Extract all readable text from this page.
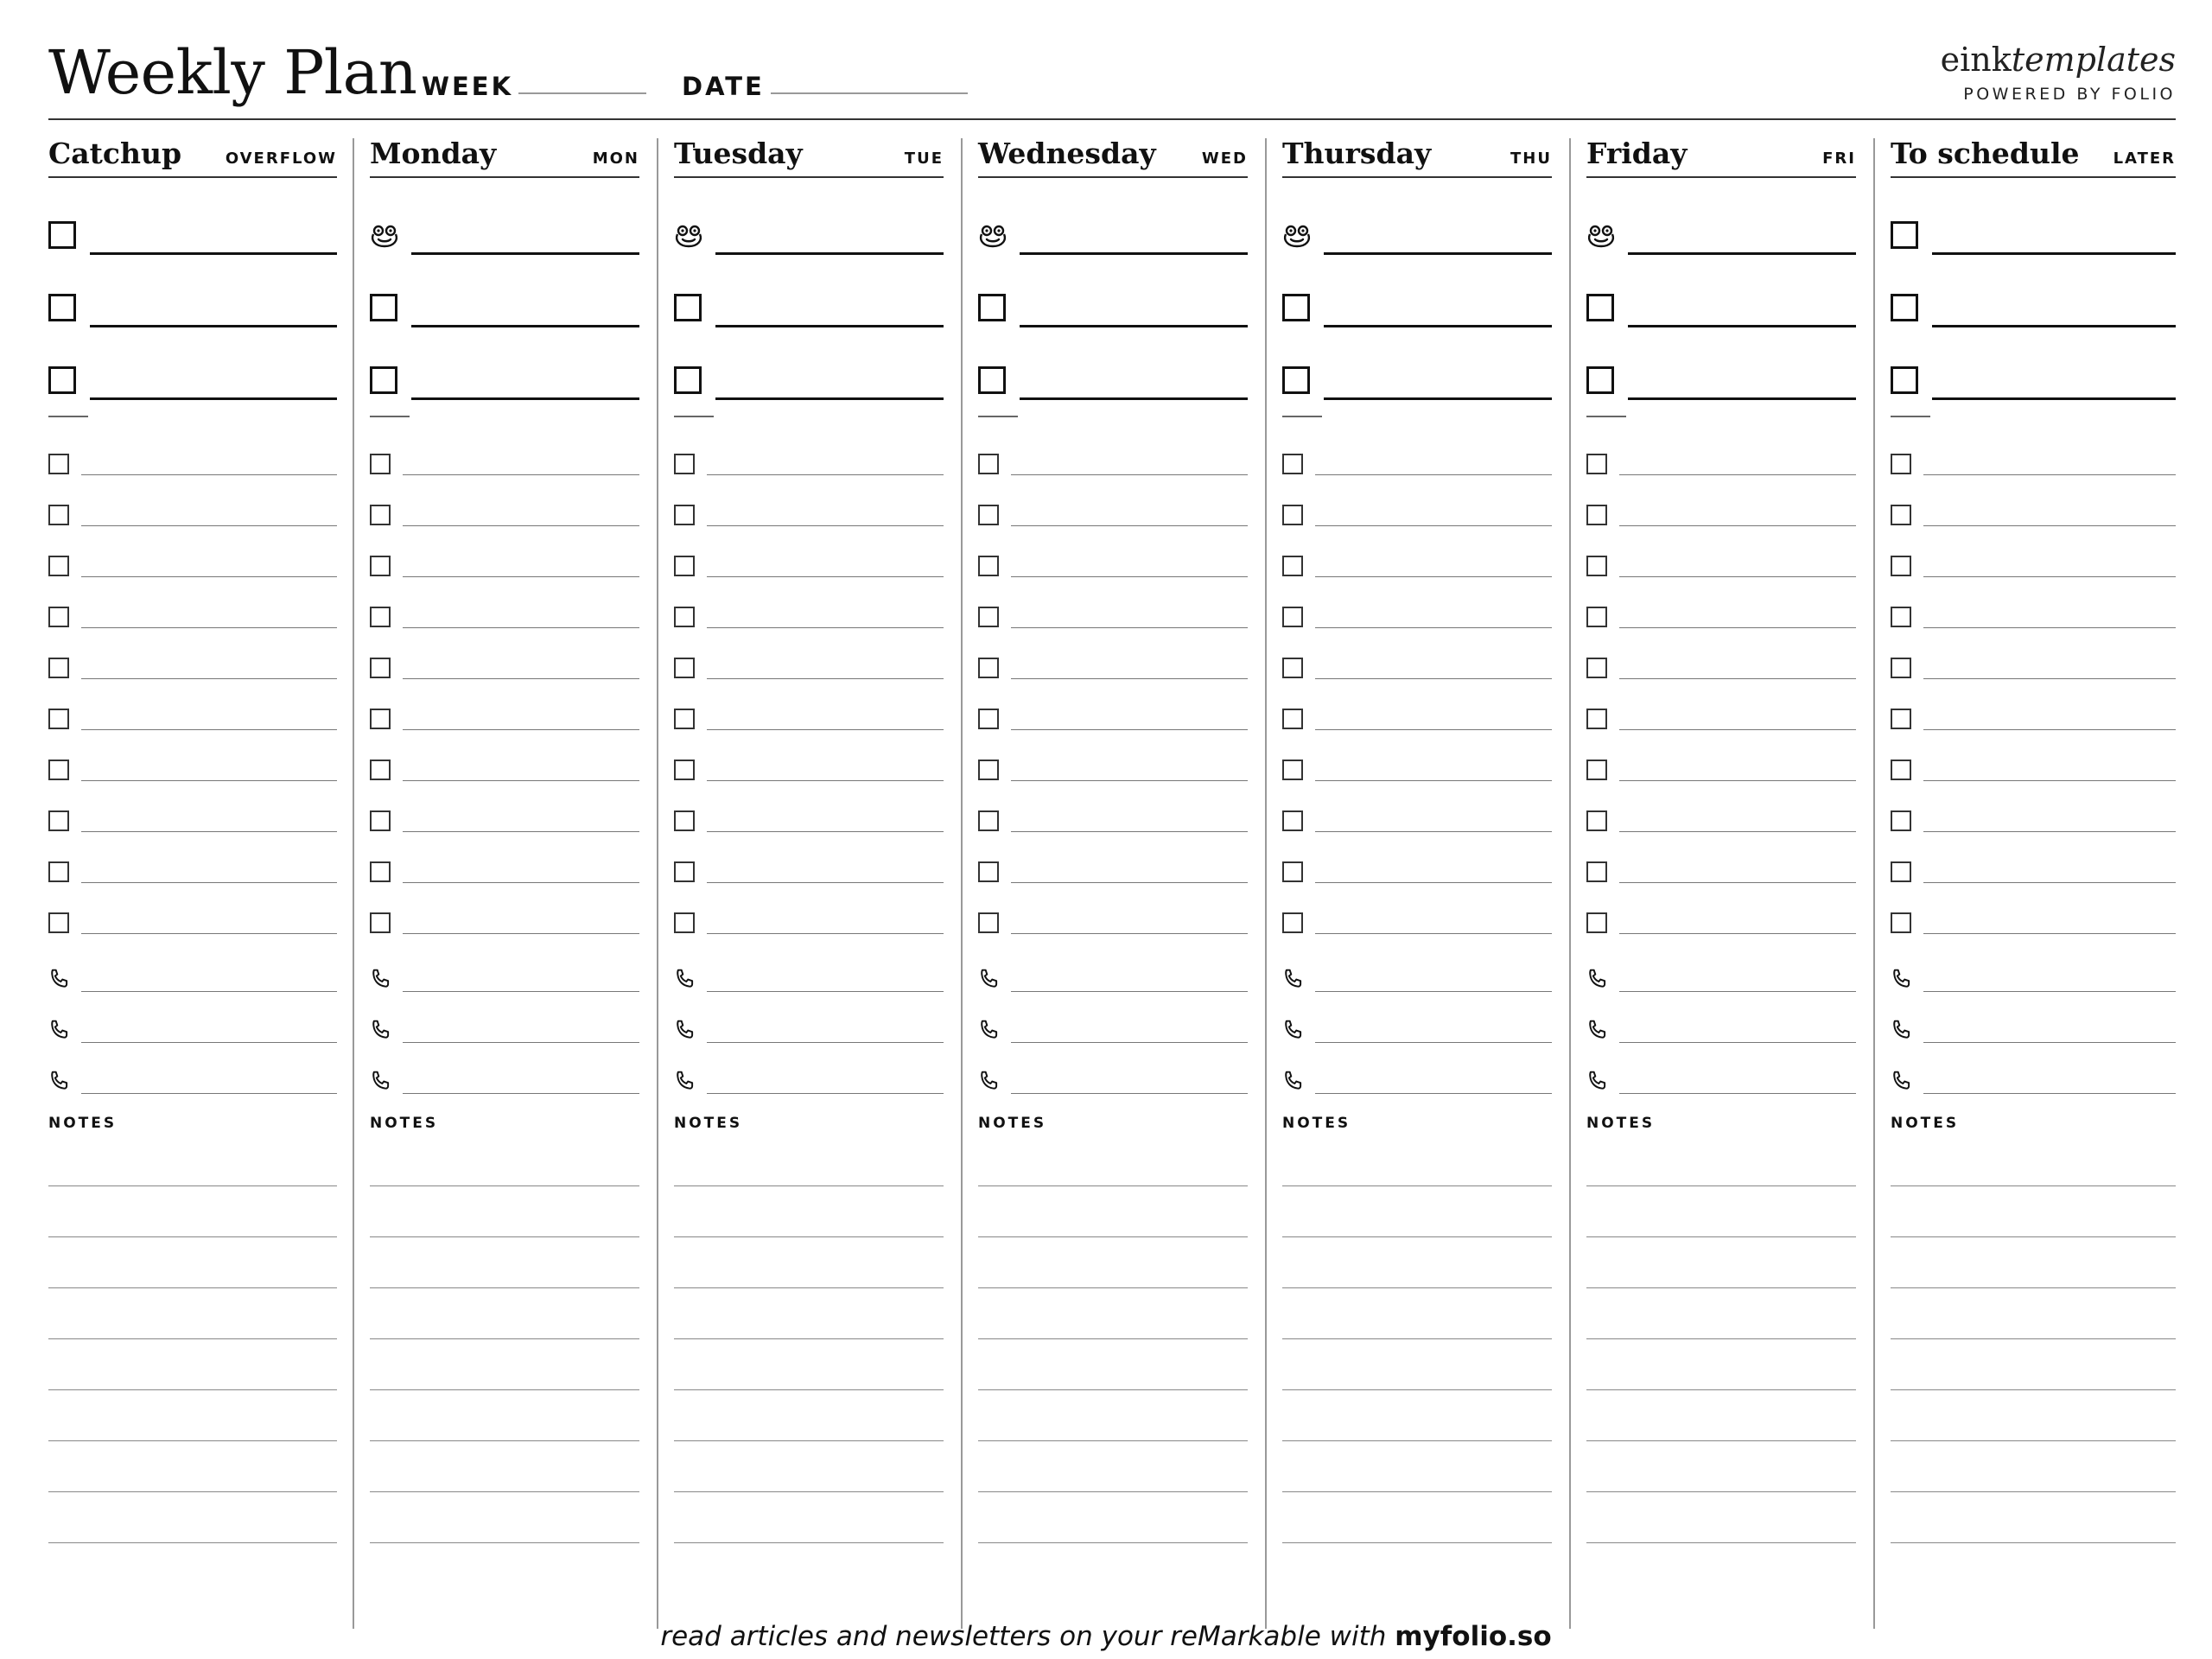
Weekly Plan WEEK	DATE
einktemplates
POWERED BY FOLIO
Catchup	OVERFLOW
NOTES
Monday	MON
NOTES
Tuesday	TUE
NOTES
Wednesday	WED
NOTES
Thursday	THU
NOTES
Friday	FRI
NOTES
To schedule LATER
NOTES
read articles and newsletters on your reMarkable with myfolio.so
